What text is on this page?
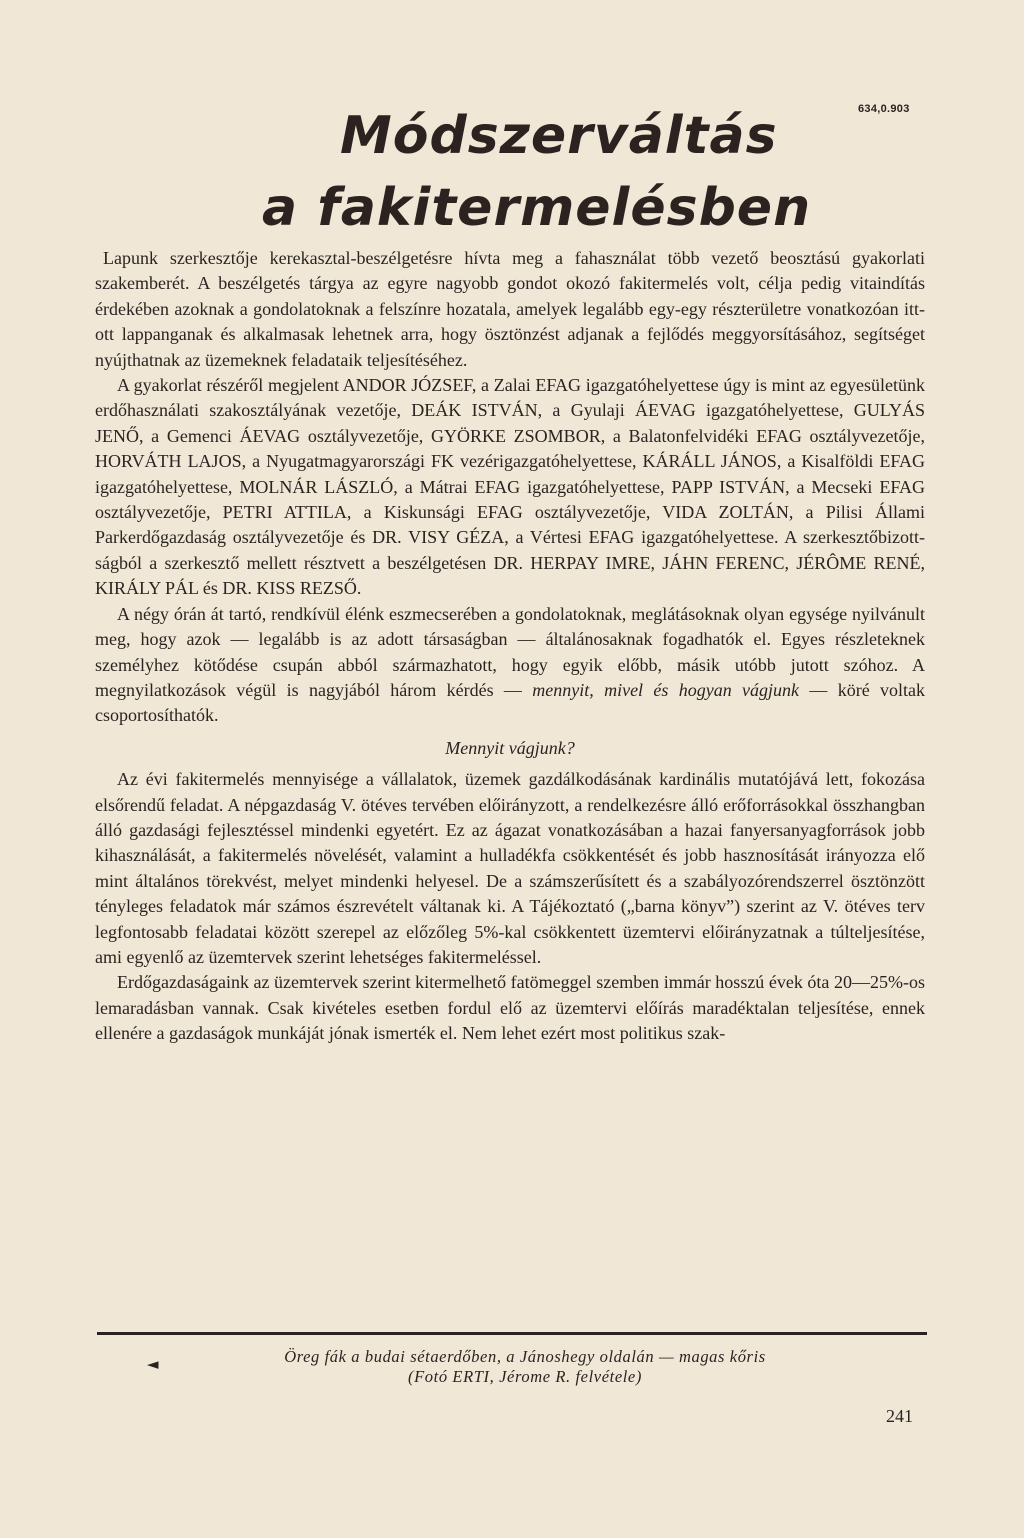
634,0.903
Módszerváltás
a fakitermelésben

Lapunk szerkesztője kerekasztal-beszélgetésre hívta meg a fahasználat több vezető beosztású gyakorlati szakemberét. A beszélgetés tárgya az egyre nagyobb gondot okozó fakitermelés volt, célja pedig vitaindítás érdekében azoknak a gondolatoknak a felszínre hozatala, amelyek legalább egy-egy részterületre vonatkozóan itt-ott lappanganak és alkalmasak lehetnek arra, hogy ösztönzést adjanak a fejlődés meggyorsításához, segítséget nyújthatnak az üzemeknek feladataik teljesítéséhez.

A gyakorlat részéről megjelent ANDOR JÓZSEF, a Zalai EFAG igazgatóhelyettese úgy is mint az egyesületünk erdőhasználati szakosztályának vezetője, DEÁK ISTVÁN, a Gyulaji ÁEVAG igazgatóhelyettese, GULYÁS JENŐ, a Gemenci ÁEVAG osztályvezetője, GYÖRKE ZSOMBOR, a Balatonfelvidéki EFAG osztályvezetője, HORVÁTH LAJOS, a Nyugatmagyarországi FK vezérigazgatóhelyettese, KÁRÁLL JÁNOS, a Kisalföldi EFAG igazgatóhelyettese, MOLNÁR LÁSZLÓ, a Mátrai EFAG igazgatóhelyettese, PAPP ISTVÁN, a Mecseki EFAG osztályvezetője, PETRI ATTILA, a Kiskunsági EFAG osztályvezetője, VIDA ZOLTÁN, a Pilisi Állami Parkerdőgazdaság osztályvezetője és DR. VISY GÉZA, a Vértesi EFAG igazgatóhelyettese. A szerkesztőbizottságból a szerkesztő mellett résztvett a beszélgetésen DR. HERPAY IMRE, JÁHN FERENC, JÉRÔME RENÉ, KIRÁLY PÁL és DR. KISS REZSŐ.

A négy órán át tartó, rendkívül élénk eszmecserében a gondolatoknak, meglátásoknak olyan egysége nyilvánult meg, hogy azok — legalább is az adott társaságban — általánosaknak fogadhatók el. Egyes részleteknek személyhez kötődése csupán abból származhatott, hogy egyik előbb, másik utóbb jutott szóhoz. A megnyilatkozások végül is nagyjából három kérdés — mennyit, mivel és hogyan vágjunk — köré voltak csoportosíthatók.

Mennyit vágjunk?

Az évi fakitermelés mennyisége a vállalatok, üzemek gazdálkodásának kardinális mutatójává lett, fokozása elsőrendű feladat. A népgazdaság V. ötéves tervében előirányzott, a rendelkezésre álló erőforrásokkal összhangban álló gazdasági fejlesztéssel mindenki egyetért. Ez az ágazat vonatkozásában a hazai fanyersanyagforrások jobb kihasználását, a fakitermelés növelését, valamint a hulladékfa csökkentését és jobb hasznosítását irányozza elő mint általános törekvést, melyet mindenki helyesel. De a számszerűsített és a szabályozórendszerrel ösztönzött tényleges feladatok már számos észrevételt váltanak ki. A Tájékoztató („barna könyv”) szerint az V. ötéves terv legfontosabb feladatai között szerepel az előzőleg 5%-kal csökkentett üzemtervi előirányzatnak a túlteljesítése, ami egyenlő az üzemtervek szerint lehetséges fakitermeléssel.

Erdőgazdaságaink az üzemtervek szerint kitermelhető fatömeggel szemben immár hosszú évek óta 20—25%-os lemaradásban vannak. Csak kivételes esetben fordul elő az üzemtervi előírás maradéktalan teljesítése, ennek ellenére a gazdaságok munkáját jónak ismerték el. Nem lehet ezért most politikus szak-

◄	Öreg fák a budai sétaerdőben, a Jánoshegy oldalán — magas kőris
(Fotó ERTI, Jérome R. felvétele)
241
